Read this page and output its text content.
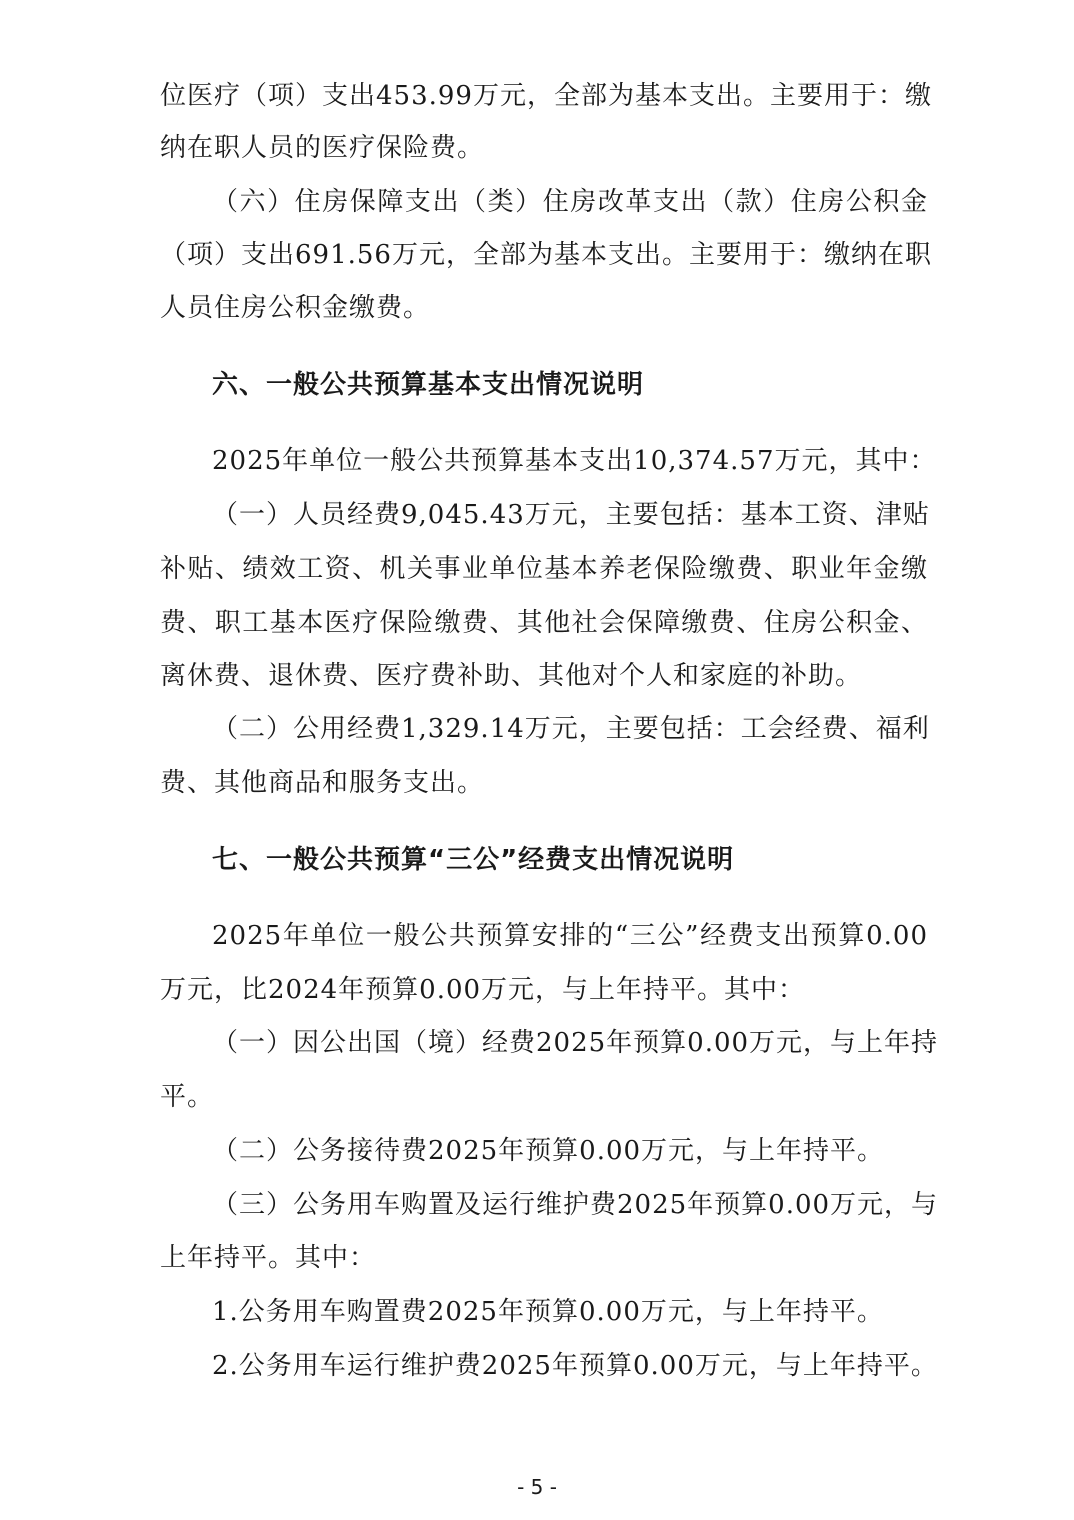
位医疗（项）支出453.99万元，全部为基本支出。主要用于：缴
纳在职人员的医疗保险费。
（六）住房保障支出（类）住房改革支出（款）住房公积金
（项）支出691.56万元，全部为基本支出。主要用于：缴纳在职
人员住房公积金缴费。
六、一般公共预算基本支出情况说明
2025年单位一般公共预算基本支出10,374.57万元，其中：
（一）人员经费9,045.43万元，主要包括：基本工资、津贴
补贴、绩效工资、机关事业单位基本养老保险缴费、职业年金缴
费、职工基本医疗保险缴费、其他社会保障缴费、住房公积金、
离休费、退休费、医疗费补助、其他对个人和家庭的补助。
（二）公用经费1,329.14万元，主要包括：工会经费、福利
费、其他商品和服务支出。
七、一般公共预算“三公”经费支出情况说明
2025年单位一般公共预算安排的“三公”经费支出预算0.00
万元，比2024年预算0.00万元，与上年持平。其中：
（一）因公出国（境）经费2025年预算0.00万元，与上年持
平。
（二）公务接待费2025年预算0.00万元，与上年持平。
（三）公务用车购置及运行维护费2025年预算0.00万元，与
上年持平。其中：
1.公务用车购置费2025年预算0.00万元，与上年持平。
2.公务用车运行维护费2025年预算0.00万元，与上年持平。
- 5 -
